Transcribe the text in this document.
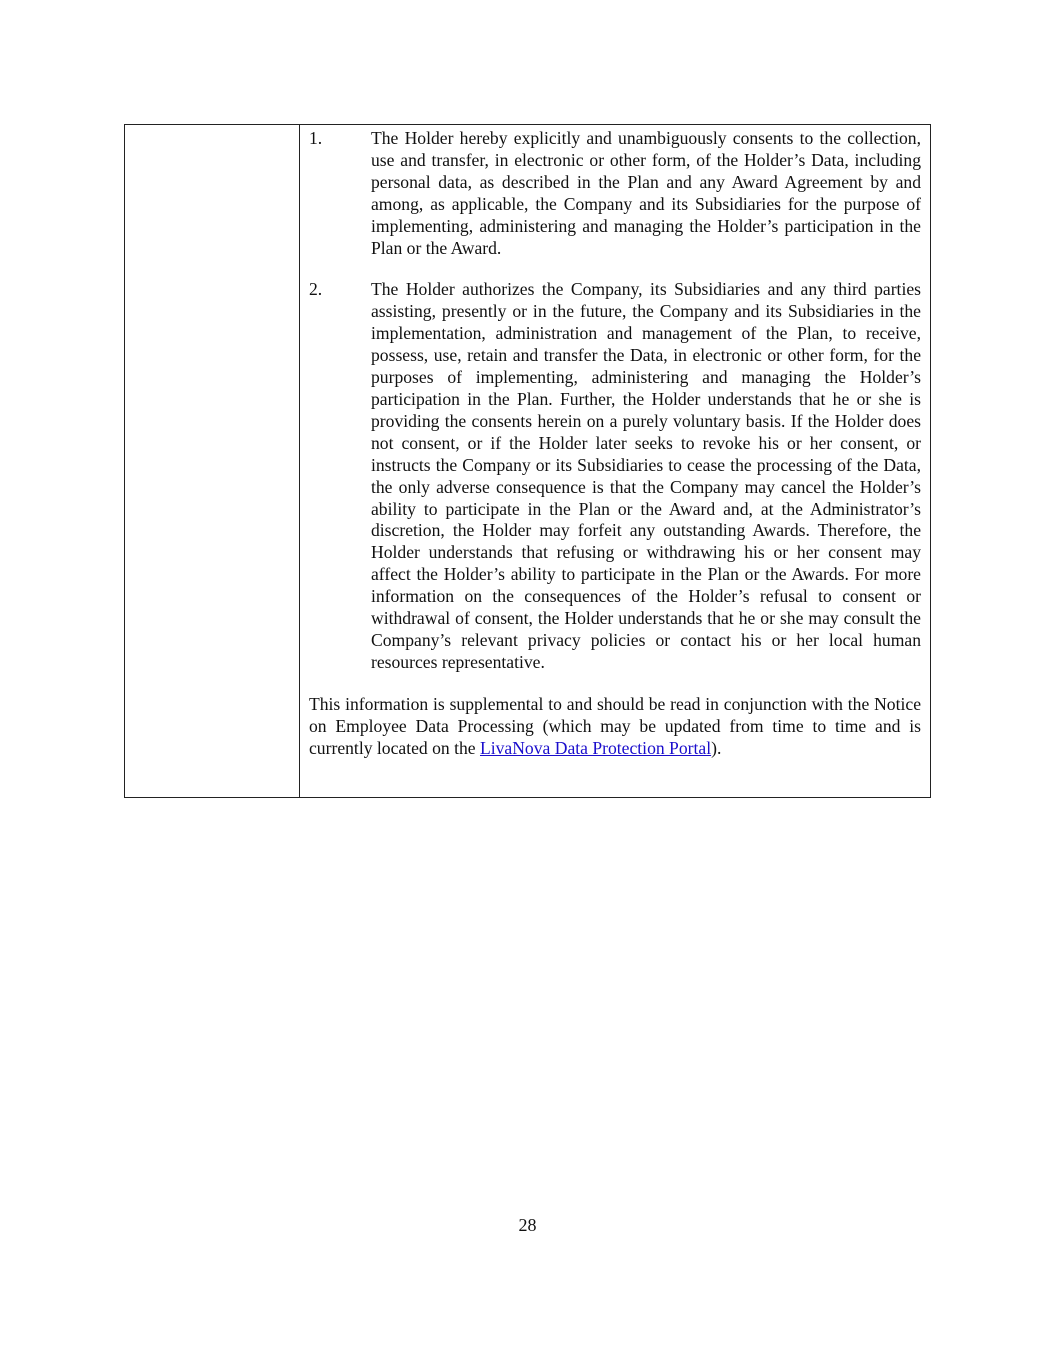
1.	The Holder hereby explicitly and unambiguously consents to the collection, use and transfer, in electronic or other form, of the Holder’s Data, including personal data, as described in the Plan and any Award Agreement by and among, as applicable, the Company and its Subsidiaries for the purpose of implementing, administering and managing the Holder’s participation in the Plan or the Award.
2.	The Holder authorizes the Company, its Subsidiaries and any third parties assisting, presently or in the future, the Company and its Subsidiaries in the implementation, administration and management of the Plan, to receive, possess, use, retain and transfer the Data, in electronic or other form, for the purposes of implementing, administering and managing the Holder’s participation in the Plan. Further, the Holder understands that he or she is providing the consents herein on a purely voluntary basis. If the Holder does not consent, or if the Holder later seeks to revoke his or her consent, or instructs the Company or its Subsidiaries to cease the processing of the Data, the only adverse consequence is that the Company may cancel the Holder’s ability to participate in the Plan or the Award and, at the Administrator’s discretion, the Holder may forfeit any outstanding Awards. Therefore, the Holder understands that refusing or withdrawing his or her consent may affect the Holder’s ability to participate in the Plan or the Awards. For more information on the consequences of the Holder’s refusal to consent or withdrawal of consent, the Holder understands that he or she may consult the Company’s relevant privacy policies or contact his or her local human resources representative.
This information is supplemental to and should be read in conjunction with the Notice on Employee Data Processing (which may be updated from time to time and is currently located on the LivaNova Data Protection Portal).
28
